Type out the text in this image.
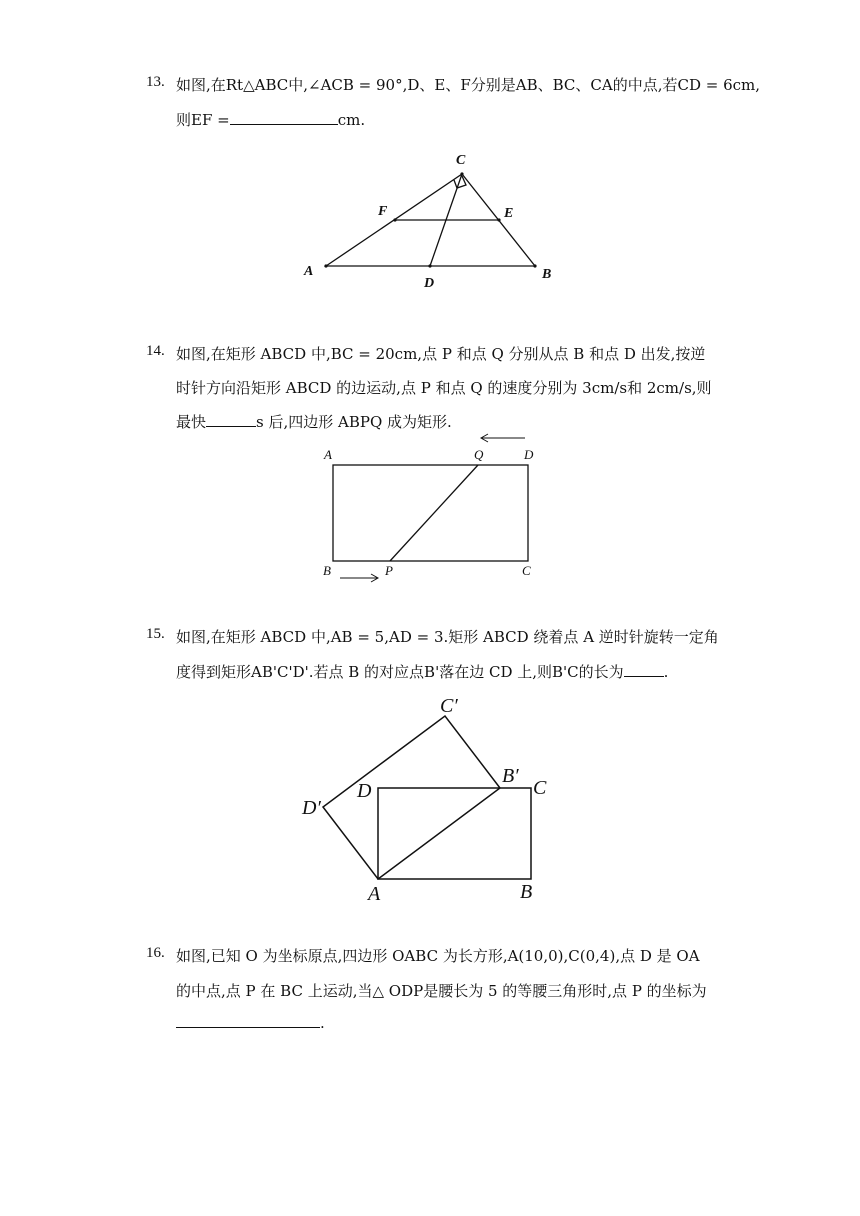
13. 如图,在Rt△ABC中,∠ACB = 90°,D、E、F分别是AB、BC、CA的中点,若CD = 6cm,
则EF =	cm.
C
F	E
A
D
B
14. 如图,在矩形 ABCD 中,BC = 20cm,点 P 和点 Q 分别从点 B 和点 D 出发,按逆
时针方向沿矩形 ABCD 的边运动,点 P 和点 Q 的速度分别为 3cm/s和 2cm/s,则
最快	s 后,四边形 ABPQ 成为矩形.
A	Q	D
B	P	C
15. 如图,在矩形 ABCD 中,AB = 5,AD = 3.矩形 ABCD 绕着点 A 逆时针旋转一定角
度得到矩形AB'C'D'.若点 B 的对应点B'落在边 CD 上,则B'C的长为	.
C′
D
B′
C
D′
A	B
16. 如图,已知 O 为坐标原点,四边形 OABC 为长方形,A(10,0),C(0,4),点 D 是 OA
的中点,点 P 在 BC 上运动,当△ ODP是腰长为 5 的等腰三角形时,点 P 的坐标为
.
